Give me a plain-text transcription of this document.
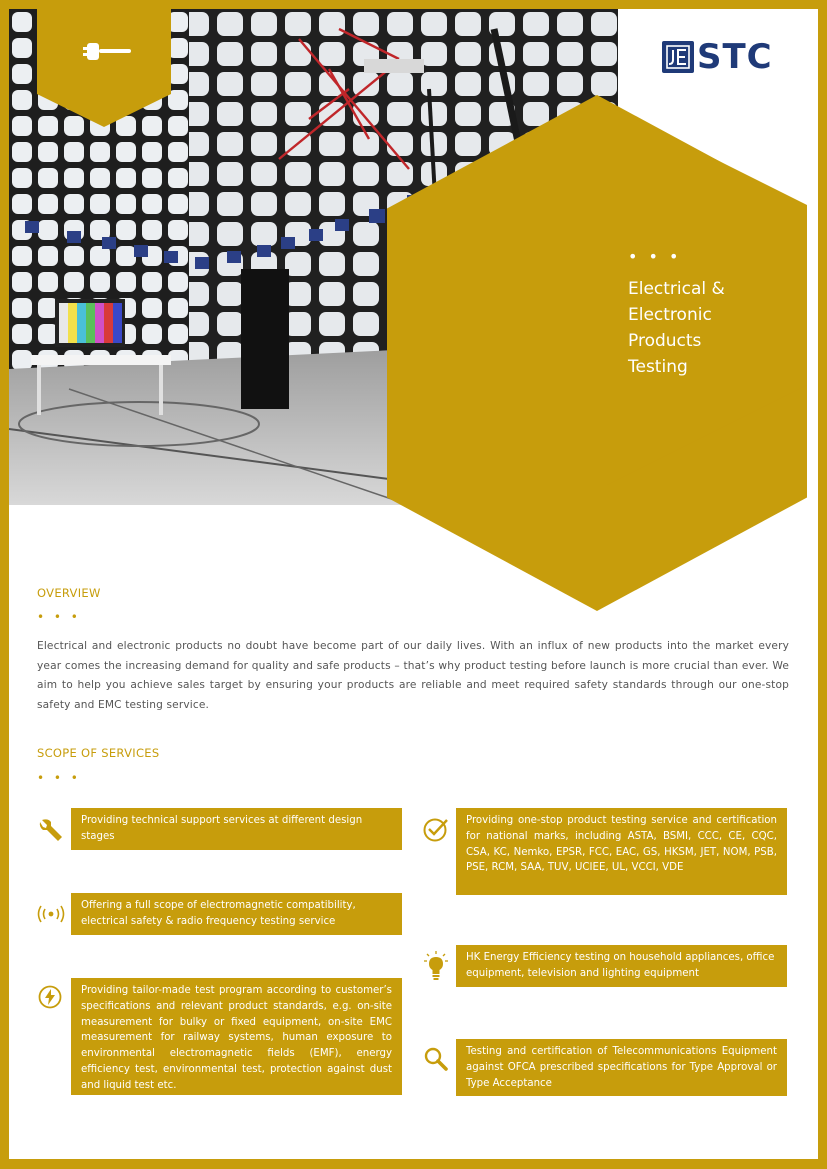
STC
• • •
Electrical &
Electronic
Products
Testing
OVERVIEW
• • •
Electrical and electronic products no doubt have become part of our daily lives. With an influx of new products into the market every year comes the increasing demand for quality and safe products – that’s why product testing before launch is more crucial than ever. We aim to help you achieve sales target by ensuring your products are reliable and meet required safety standards through our one-stop safety and EMC testing service.
SCOPE OF SERVICES
• • •
Providing technical support services at different design stages
Offering a full scope of electromagnetic compatibility, electrical safety & radio frequency testing service
Providing tailor-made test program according to customer’s specifications and relevant product standards, e.g. on-site measurement for bulky or fixed equipment, on-site EMC measurement for railway systems, human exposure to environmental electromagnetic fields (EMF), energy efficiency test, environmental test, protection against dust and liquid test etc.
Providing one-stop product testing service and certification for national marks, including ASTA, BSMI, CCC, CE, CQC, CSA, KC, Nemko, EPSR, FCC, EAC, GS, HKSM, JET, NOM, PSB, PSE, RCM, SAA, TUV, UCIEE, UL, VCCI, VDE
HK Energy Efficiency testing on household appliances, office equipment, television and lighting equipment
Testing and certification of Telecommunications Equipment against OFCA prescribed specifications for Type Approval or Type Acceptance
